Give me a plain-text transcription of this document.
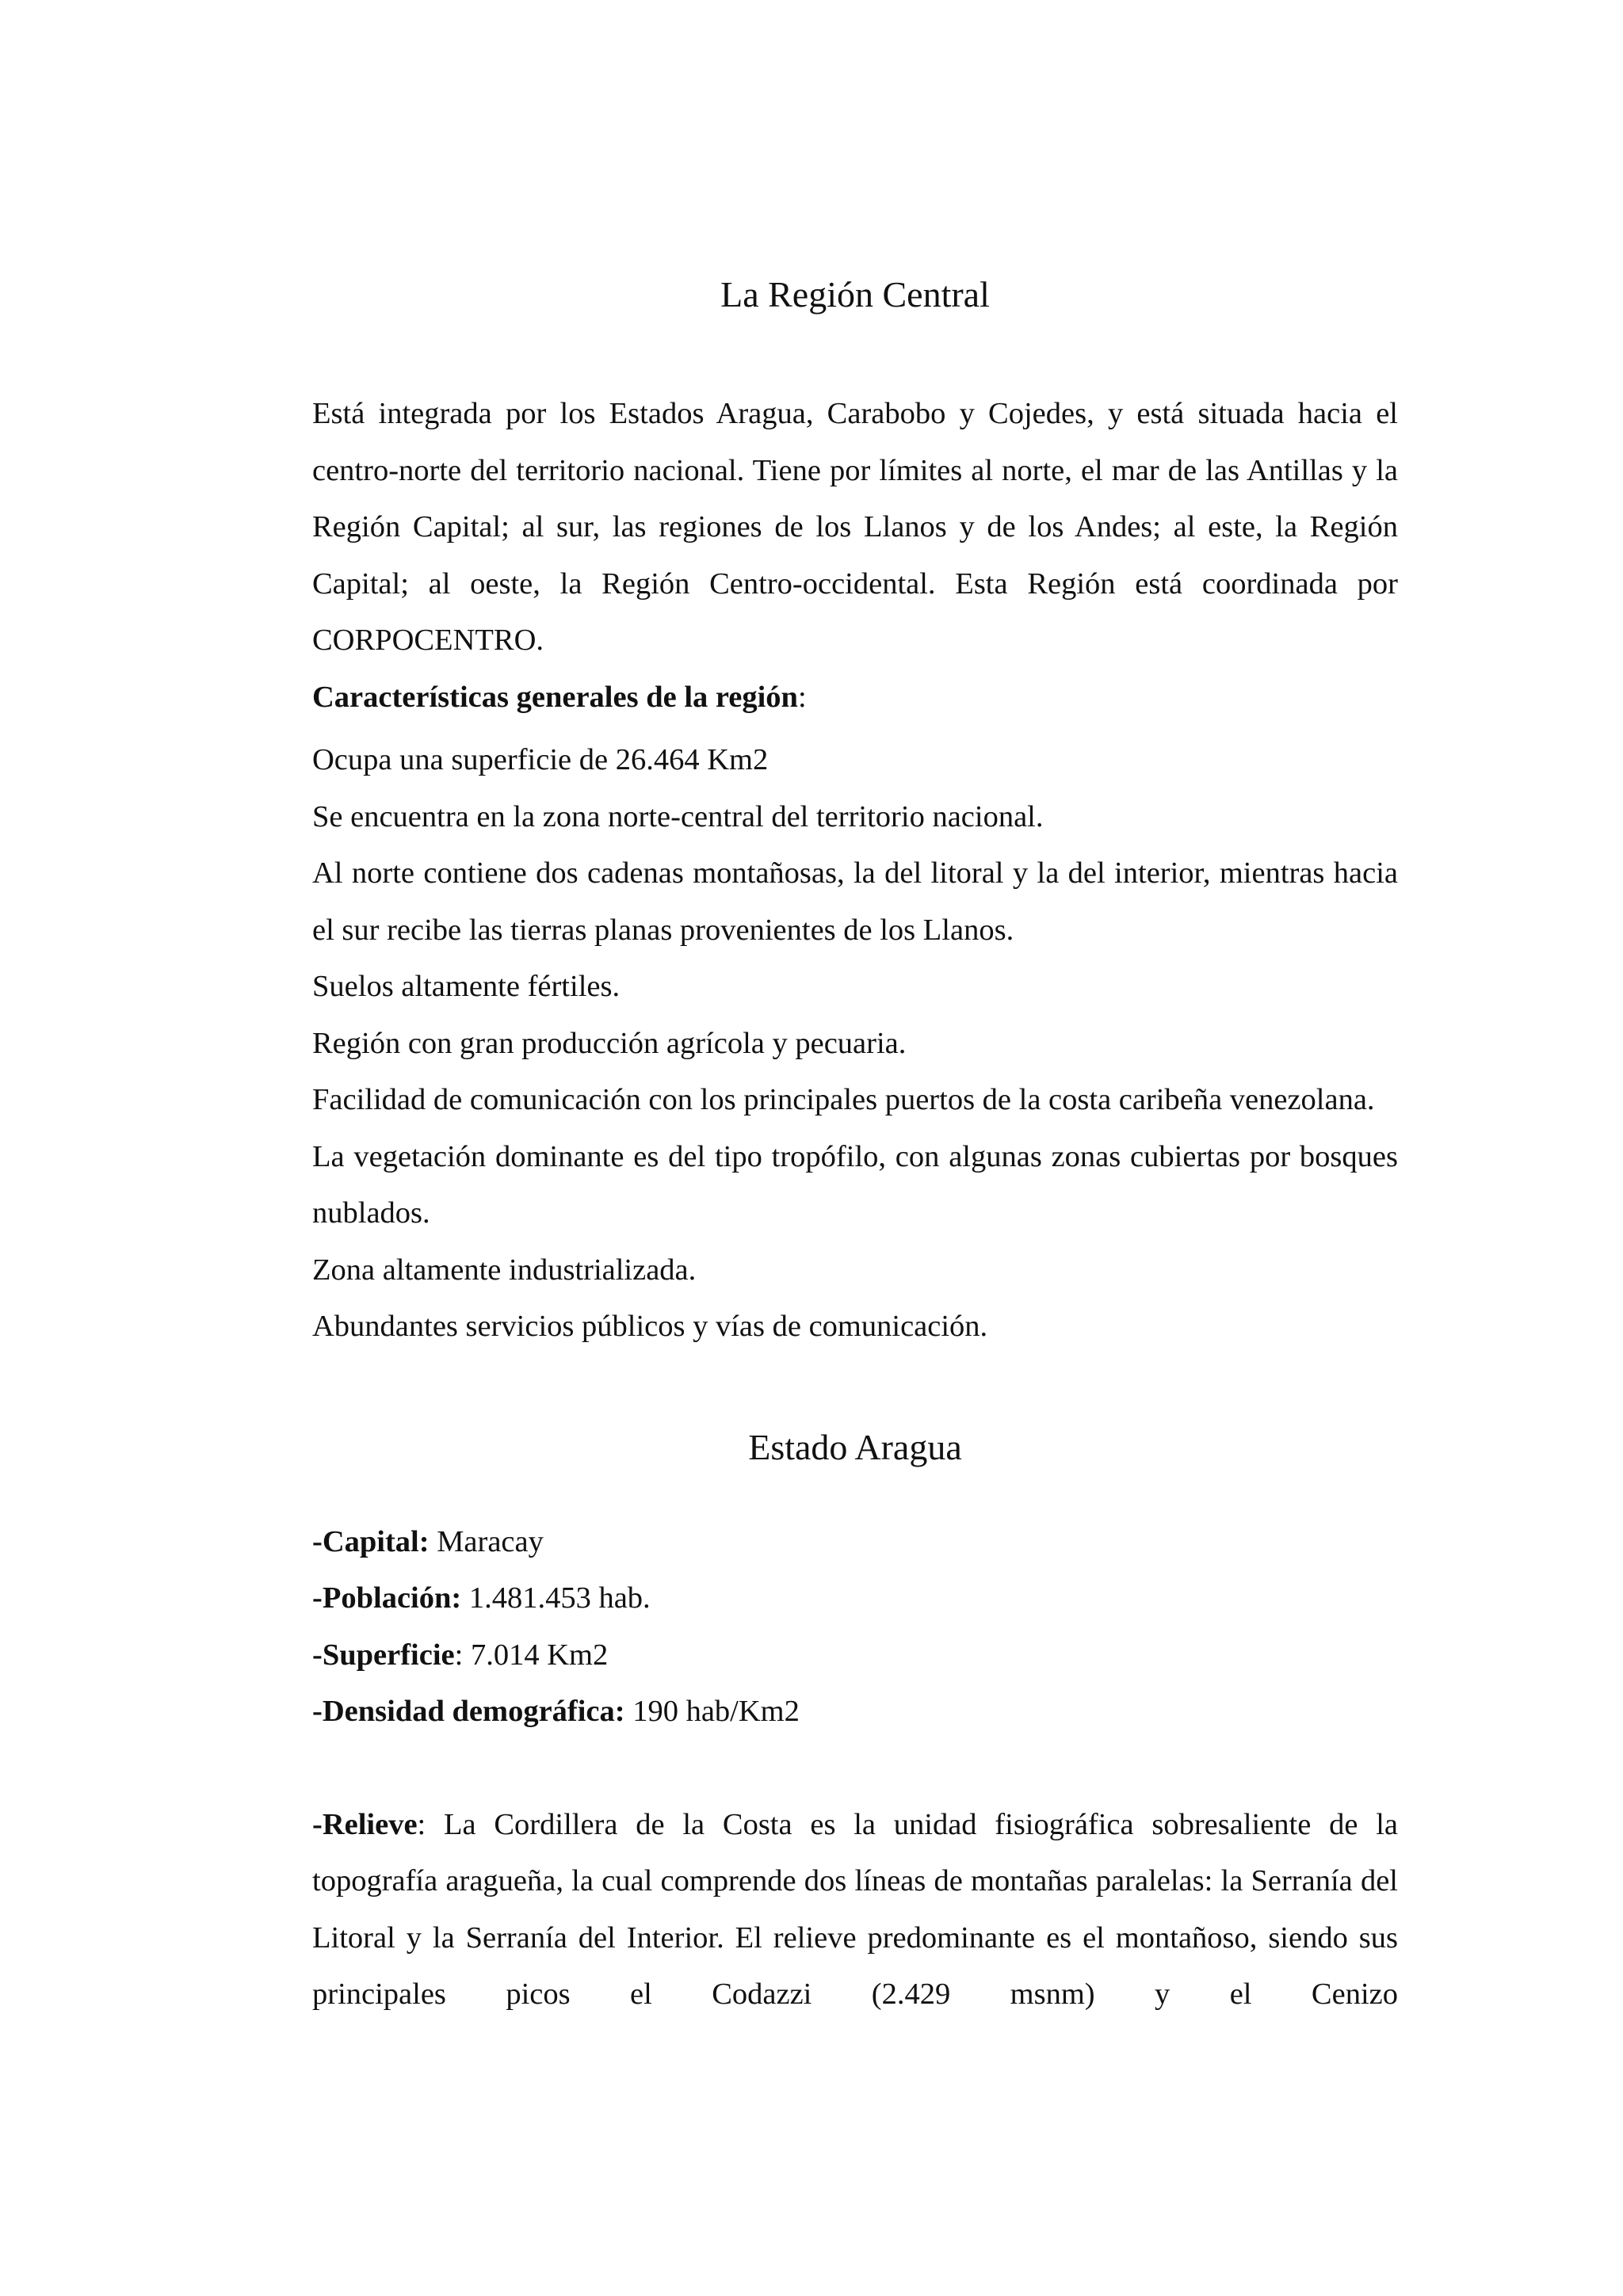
La Región Central

Está integrada por los Estados Aragua, Carabobo y Cojedes, y está situada hacia el centro-norte del territorio nacional. Tiene por límites al norte, el mar de las Antillas y la Región Capital; al sur, las regiones de los Llanos y de los Andes; al este, la Región Capital; al oeste, la Región Centro-occidental. Esta Región está coordinada por CORPOCENTRO.

Características generales de la región:

Ocupa una superficie de 26.464 Km2

Se encuentra en la zona norte-central del territorio nacional.

Al norte contiene dos cadenas montañosas, la del litoral y la del interior, mientras hacia el sur recibe las tierras planas provenientes de los Llanos.

Suelos altamente fértiles.

Región con gran producción agrícola y pecuaria.

Facilidad de comunicación con los principales puertos de la costa caribeña venezolana.

La vegetación dominante es del tipo tropófilo, con algunas zonas cubiertas por bosques nublados.

Zona altamente industrializada.

Abundantes servicios públicos y vías de comunicación.

Estado Aragua

-Capital: Maracay

-Población: 1.481.453 hab.

-Superficie: 7.014 Km2

-Densidad demográfica: 190 hab/Km2

-Relieve: La Cordillera de la Costa es la unidad fisiográfica sobresaliente de la topografía aragueña, la cual comprende dos líneas de montañas paralelas: la Serranía del Litoral y la Serranía del Interior. El relieve predominante es el montañoso, siendo sus principales picos el Codazzi (2.429 msnm) y el Cenizo
